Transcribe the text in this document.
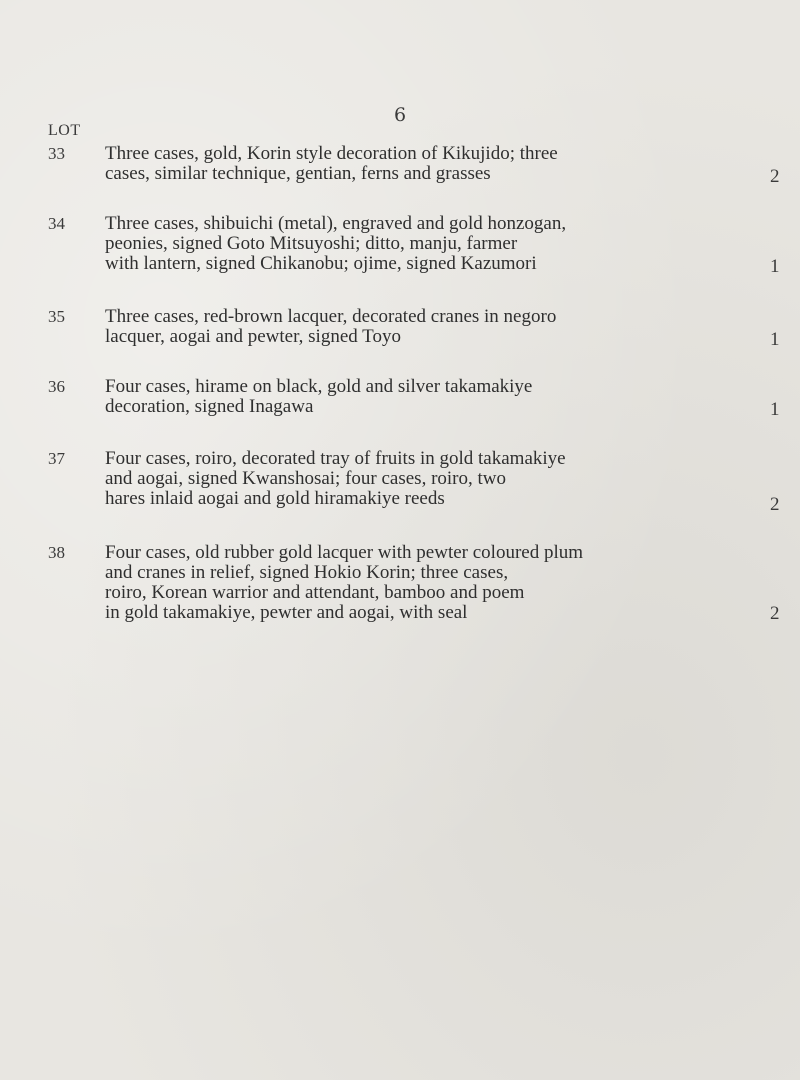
6
LOT
33 Three cases, gold, Korin style decoration of Kikujido; three
cases, similar technique, gentian, ferns and grasses	2
34 Three cases, shibuichi (metal), engraved and gold honzogan,
peonies, signed Goto Mitsuyoshi; ditto, manju, farmer
with lantern, signed Chikanobu; ojime, signed Kazumori	1
35 Three cases, red-brown lacquer, decorated cranes in negoro
lacquer, aogai and pewter, signed Toyo	1
36 Four cases, hirame on black, gold and silver takamakiye
decoration, signed Inagawa	1
37 Four cases, roiro, decorated tray of fruits in gold takamakiye
and aogai, signed Kwanshosai; four cases, roiro, two
hares inlaid aogai and gold hiramakiye reeds	2
38 Four cases, old rubber gold lacquer with pewter coloured plum
and cranes in relief, signed Hokio Korin; three cases,
roiro, Korean warrior and attendant, bamboo and poem
in gold takamakiye, pewter and aogai, with seal	2
